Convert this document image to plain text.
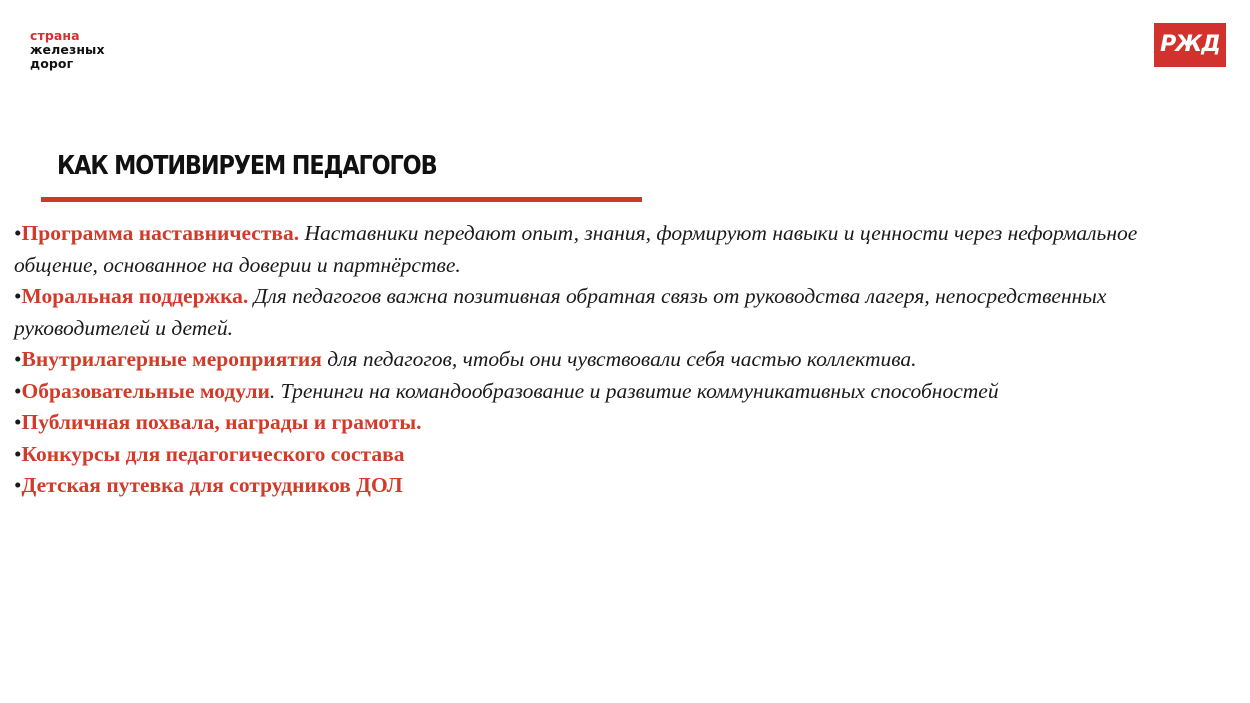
страна
железных
дорог
РЖД
КАК МОТИВИРУЕМ ПЕДАГОГОВ
•Программа наставничества. Наставники передают опыт, знания, формируют навыки и ценности через неформальное общение, основанное на доверии и партнёрстве.
•Моральная поддержка. Для педагогов важна позитивная обратная связь от руководства лагеря, непосредственных руководителей и детей.
•Внутрилагерные мероприятия для педагогов, чтобы они чувствовали себя частью коллектива.
•Образовательные модули. Тренинги на командообразование и развитие коммуникативных способностей
•Публичная похвала, награды и грамоты.
•Конкурсы для педагогического состава
•Детская путевка для сотрудников ДОЛ
